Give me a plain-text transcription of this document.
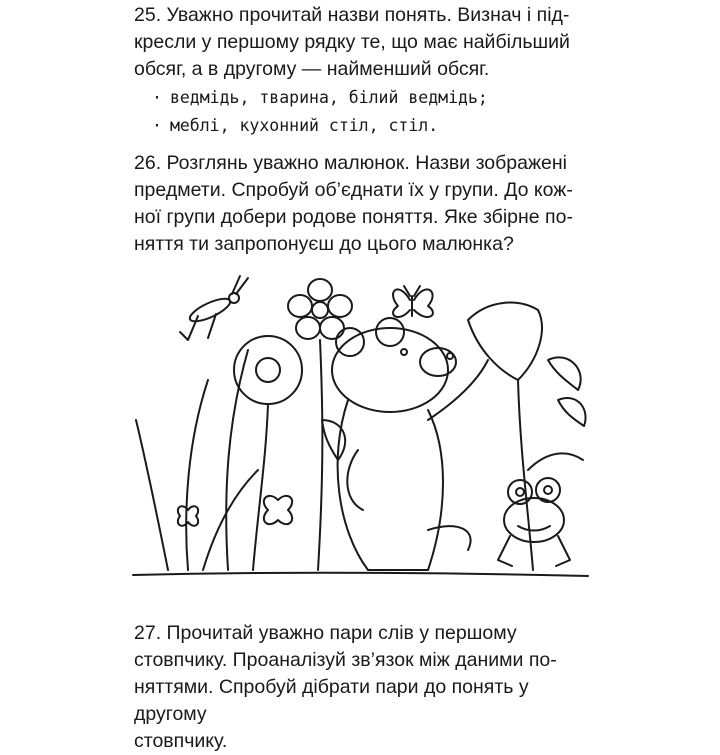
25. Уважно прочитай назви понять. Визнач і під-

кресли у першому рядку те, що має найбільший

обсяг, а в другому — найменший обсяг.

· ведмідь, тварина, білий ведмідь;
· меблі, кухонний стіл, стіл.

26. Розглянь уважно малюнок. Назви зображені

предмети. Спробуй об’єднати їх у групи. До кож-

ної групи добери родове поняття. Яке збірне по-

няття ти запропонуєш до цього малюнка?

27. Прочитай уважно пари слів у першому

стовпчику. Проаналізуй зв’язок між даними по-

няттями. Спробуй дібрати пари до понять у другому

стовпчику.
